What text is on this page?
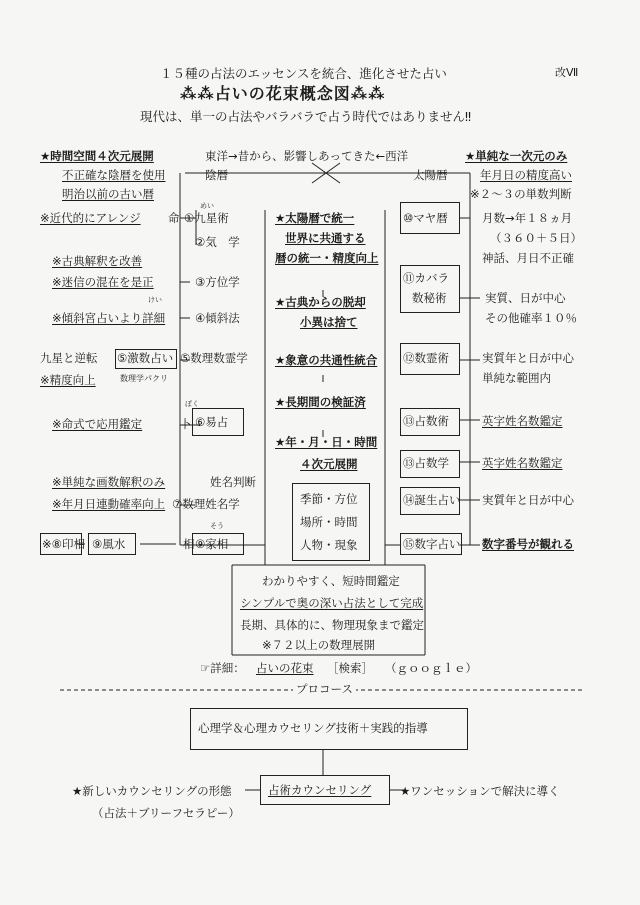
１５種の占法のエッセンスを統合、進化させた占い	改Ⅶ
⁂⁂占いの花束概念図⁂⁂
現代は、単一の占法やバラバラで占う時代ではありません‼
★時間空間４次元展開	東洋→昔から、影響しあってきた←西洋	★単純な一次元のみ
不正確な陰暦を使用	陰暦	太陽暦	年月日の精度高い
明治以前の古い暦
めい
※近代的にアレンジ 命 ①九星術
②気　学
※古典解釈を改善
※迷信の混在を是正	③方位学
けい
※傾斜宮占いより詳細	④傾斜法
九星と逆転 ⑤激数占い ⑤数理数霊学
数理学パクリ
※精度向上
ぼく
※命式で応用鑑定	卜 ⑥易占
※単純な画数解釈のみ	姓名判断
※年月日連動確率向上 ⑦数理姓名学
そう
※⑧印相 ⑨風水	相 ⑨家相
★太陽暦で統一
世界に共通する
暦の統一・精度向上
★古典からの脱却
小異は捨て
★象意の共通性統合
★長期間の検証済
★年・月・日・時間
４次元展開
季節・方位
場所・時間
人物・現象
⑩マヤ暦
※２～３の単数判断
月数→年１８ヵ月
（３６０＋５日）
神話、月日不正確
⑪カバラ
数秘術	実質、日が中心
その他確率１０％
⑫数霊術	実質年と日が中心
単純な範囲内
⑬占数術	英字姓名数鑑定
⑬占数学	英字姓名数鑑定
⑭誕生占い 実質年と日が中心
⑮数字占い 数字番号が観れる
わかりやすく、短時間鑑定
シンプルで奥の深い占法として完成
長期、具体的に、物理現象まで鑑定
※７２以上の数理展開
☞詳細： 占いの花束 ［検索］ （ｇｏｏｇｌｅ）
プロコース
心理学＆心理カウセリング技術＋実践的指導
★新しいカウンセリングの形態
（占法＋ブリーフセラピー）
占術カウンセリング ★ワンセッションで解決に導く
